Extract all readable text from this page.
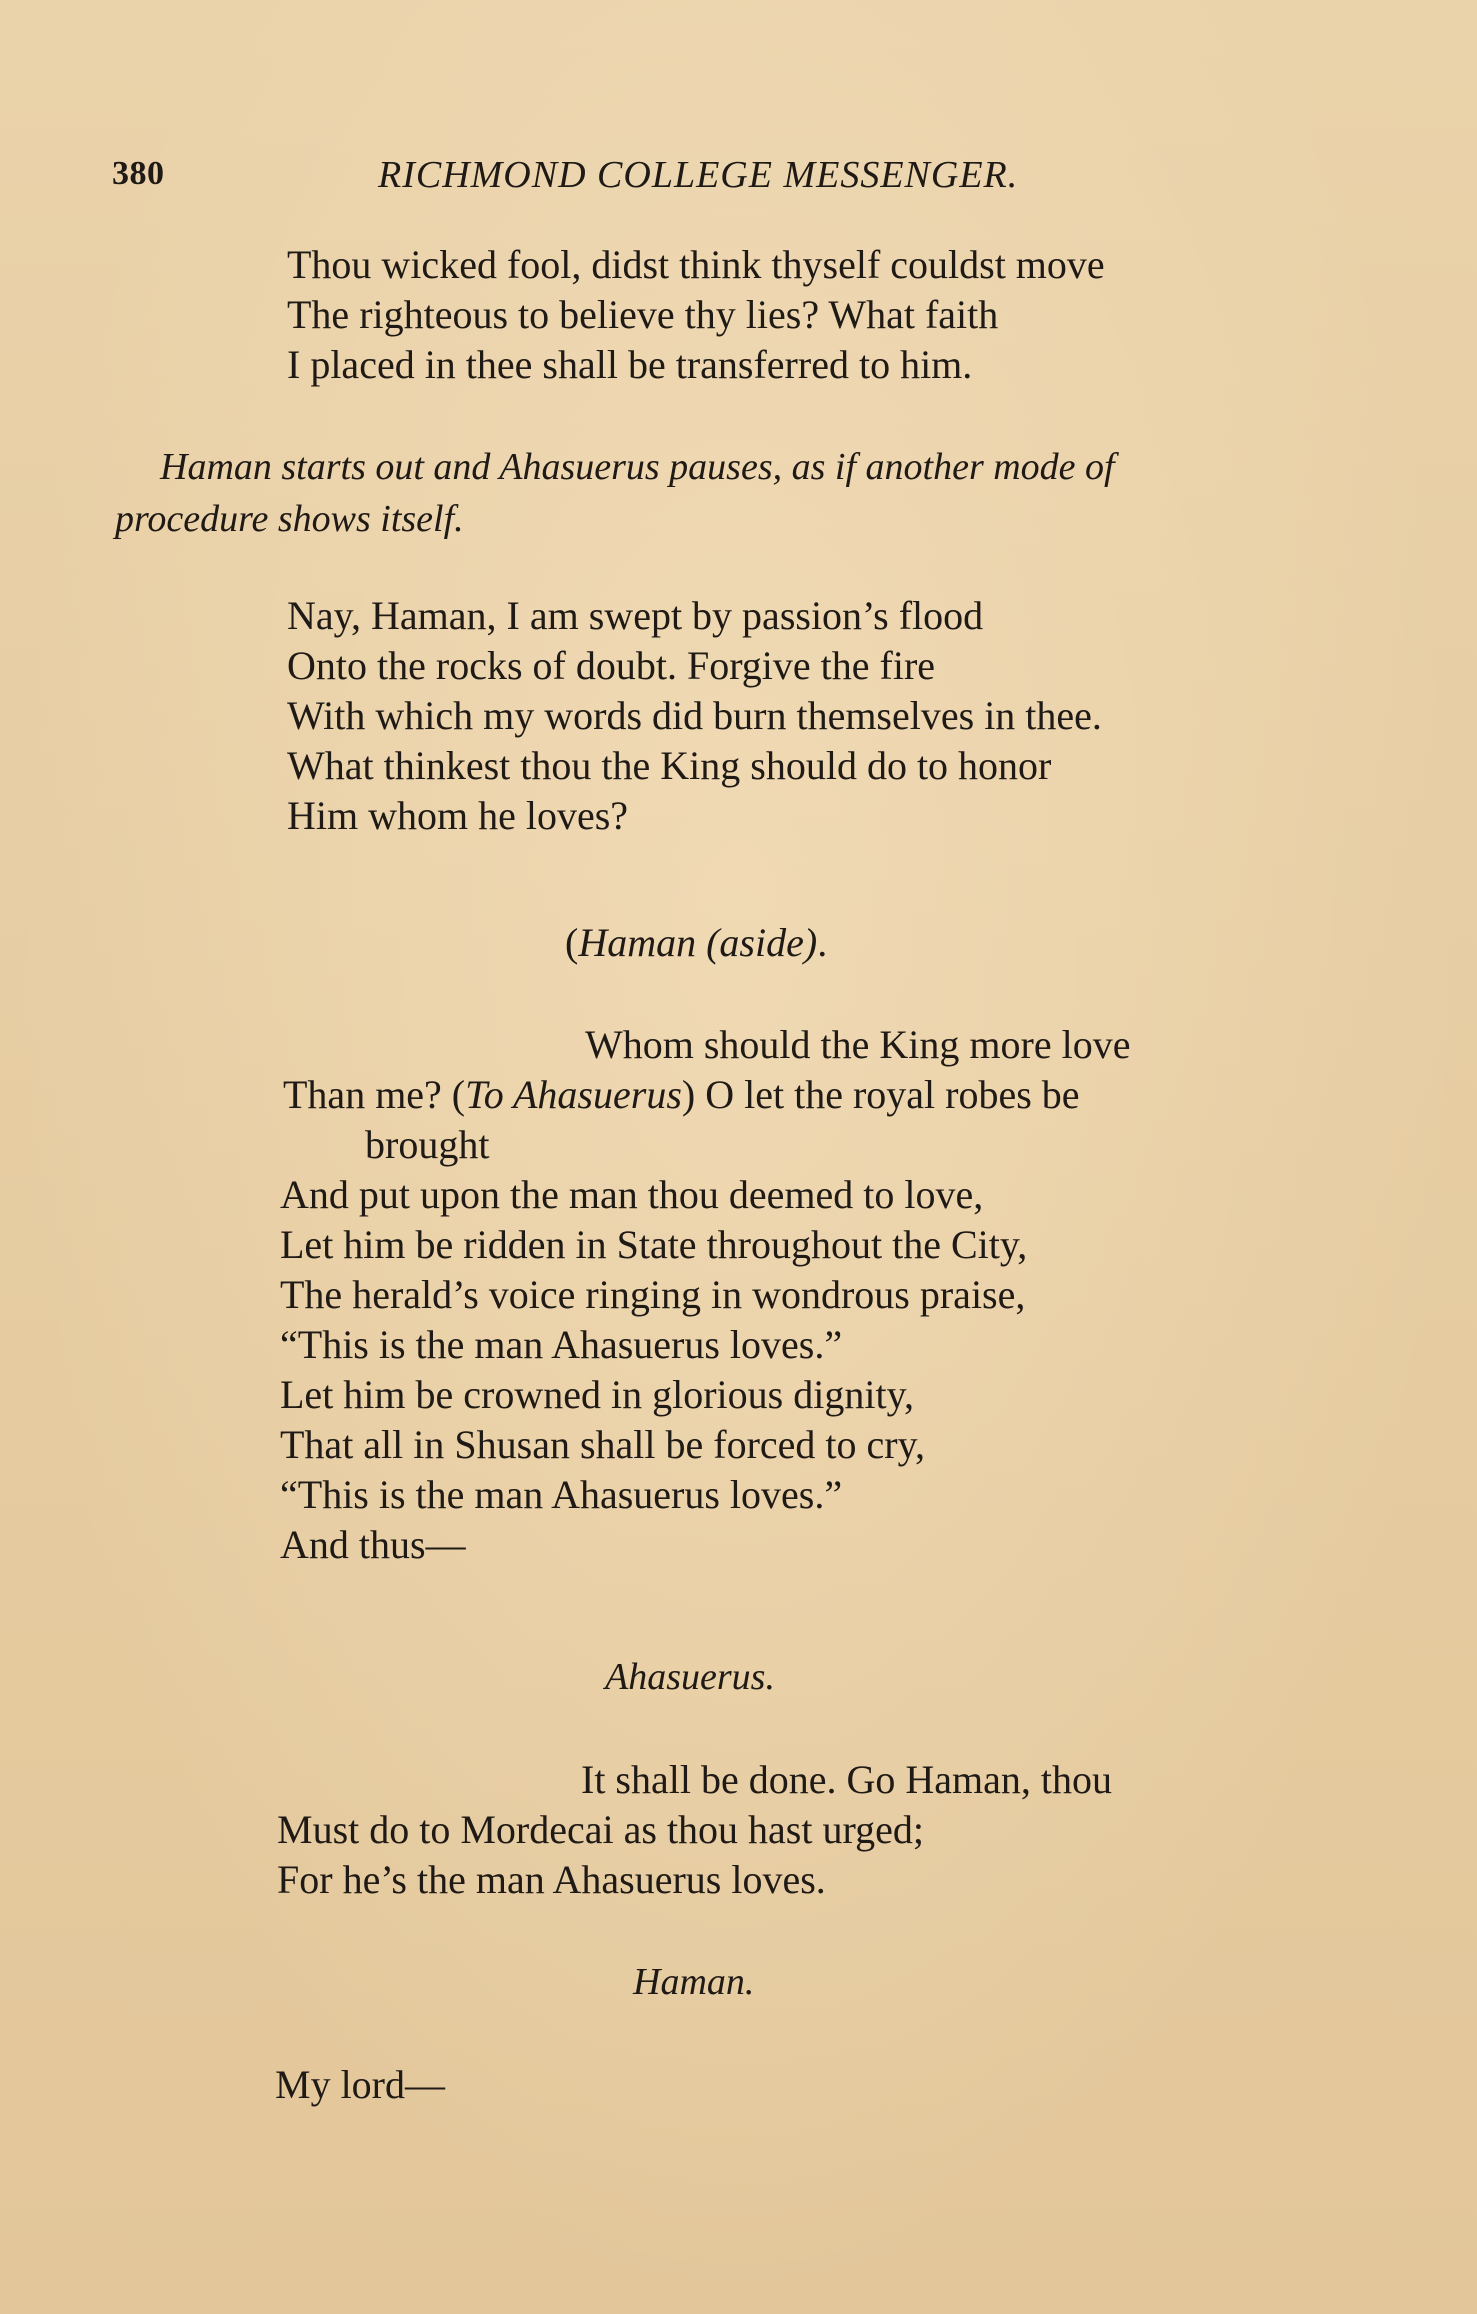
380	RICHMOND COLLEGE MESSENGER.
Thou wicked fool, didst think thyself couldst move
The righteous to believe thy lies? What faith
I placed in thee shall be transferred to him.
Haman starts out and Ahasuerus pauses, as if another mode of
procedure shows itself.
Nay, Haman, I am swept by passion’s flood
Onto the rocks of doubt. Forgive the fire
With which my words did burn themselves in thee.
What thinkest thou the King should do to honor
Him whom he loves?
(Haman (aside).
Whom should the King more love
Than me? (To Ahasuerus) O let the royal robes be
brought
And put upon the man thou deemed to love,
Let him be ridden in State throughout the City,
The herald’s voice ringing in wondrous praise,
“This is the man Ahasuerus loves.”
Let him be crowned in glorious dignity,
That all in Shusan shall be forced to cry,
“This is the man Ahasuerus loves.”
And thus—
Ahasuerus.
It shall be done. Go Haman, thou
Must do to Mordecai as thou hast urged;
For he’s the man Ahasuerus loves.
Haman.
My lord—
